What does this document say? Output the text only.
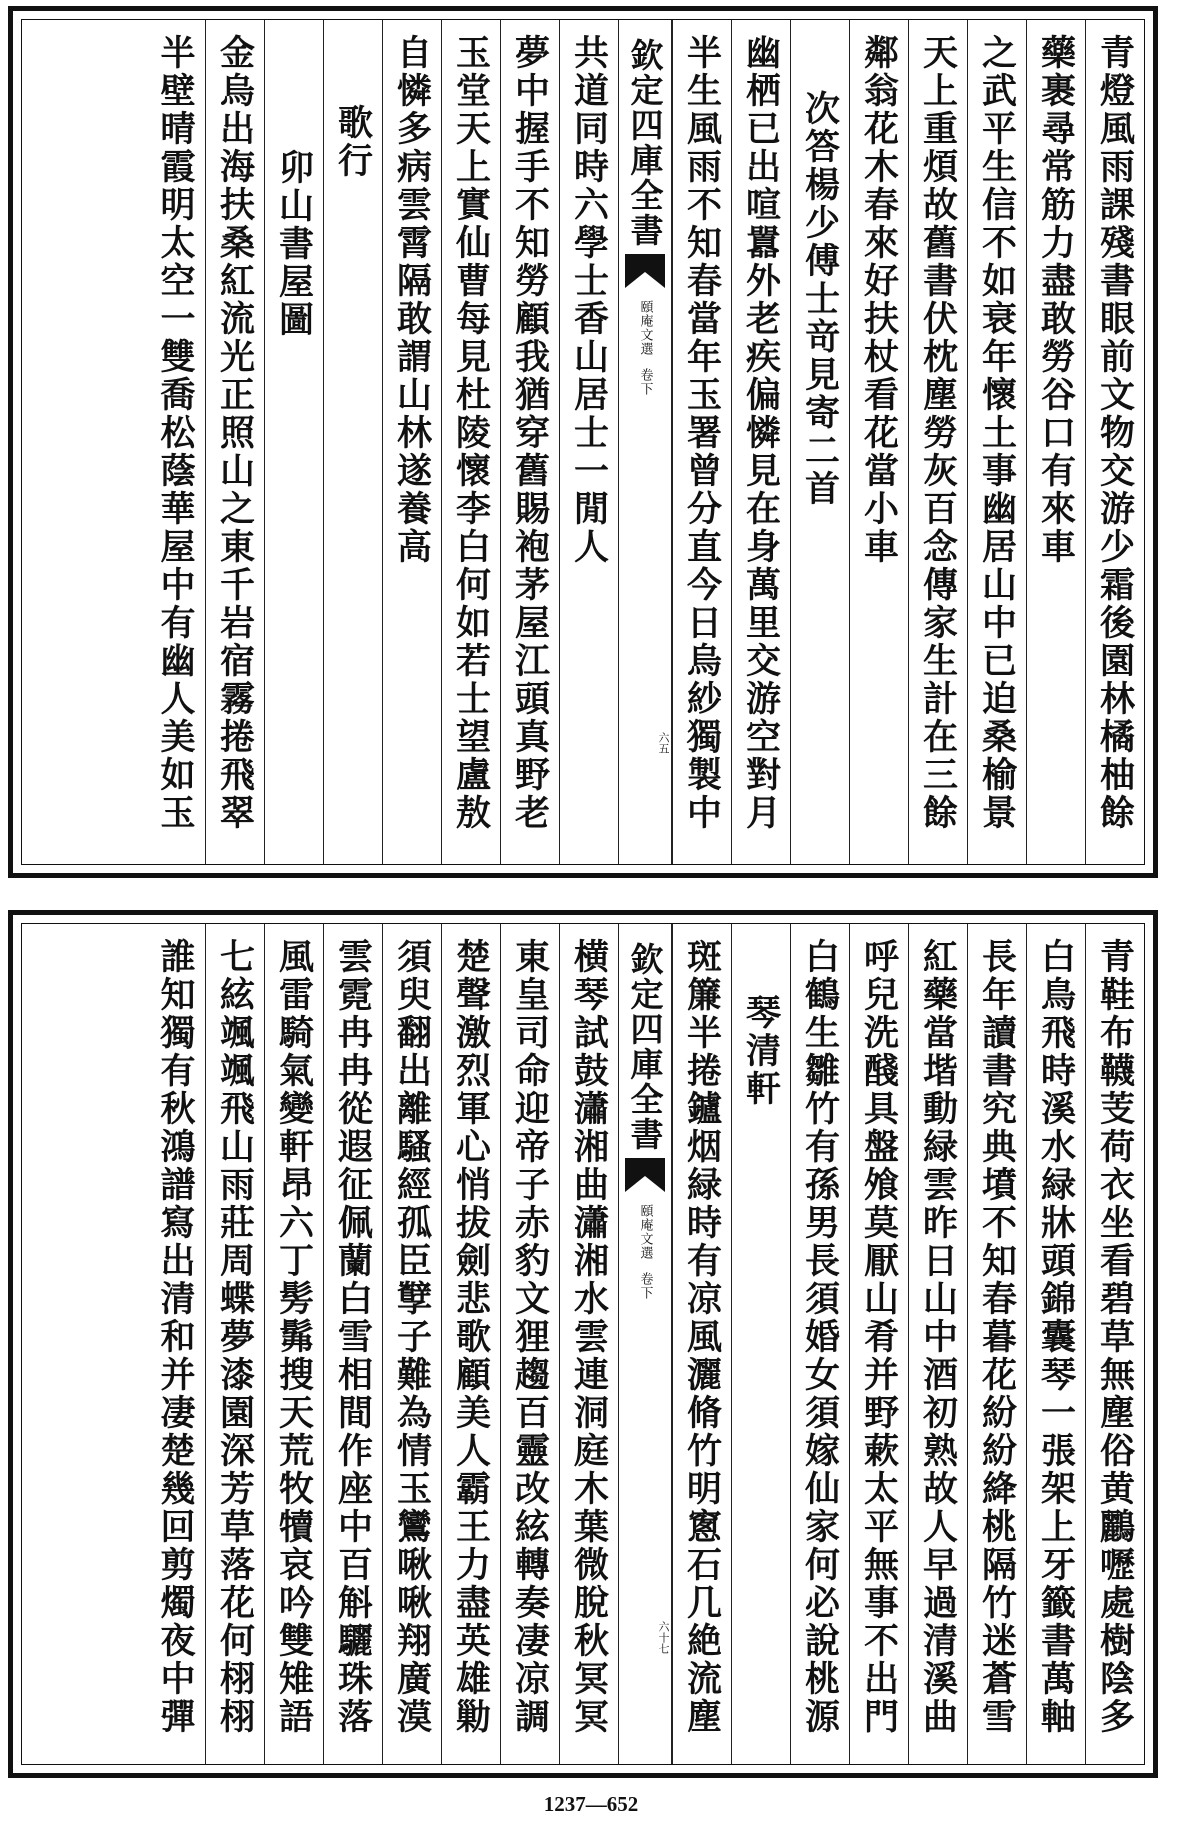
青燈風雨課殘書眼前文物交游少霜後園林橘柚餘
藥裹尋常筋力盡敢勞谷口有來車
之武平生信不如衰年懷土事幽居山中已迫桑榆景
天上重煩故舊書伏枕塵勞灰百念傳家生計在三餘
鄰翁花木春來好扶杖看花當小車
次答楊少傅士竒見寄二首
幽栖已出喧囂外老疾偏憐見在身萬里交游空對月
半生風雨不知春當年玉署曾分直今日烏紗獨製中
欽定四庫全書
頤庵文選
卷下
六五
共道同時六學士香山居士一閒人
夢中握手不知勞顧我猶穿舊賜袍茅屋江頭真野老
玉堂天上實仙曹每見杜陵懷李白何如若士望盧敖
自憐多病雲霄隔敢謂山林遂養高
歌行
卯山書屋圖
金烏出海扶桑紅流光正照山之東千岩宿霧捲飛翠
半壁晴霞明太空一雙喬松蔭華屋中有幽人美如玉
青鞋布韈芰荷衣坐看碧草無塵俗黄鸝嚦處樹陰多
白鳥飛時溪水緑牀頭錦囊琴一張架上牙籤書萬軸
長年讀書究典墳不知春暮花紛紛絳桃隔竹迷蒼雪
紅藥當堦動緑雲昨日山中酒初熟故人早過清溪曲
呼兒洗醆具盤飧莫厭山肴并野蔌太平無事不出門
白鶴生雛竹有孫男長須婚女須嫁仙家何必說桃源
琴清軒
斑簾半捲鑪烟緑時有凉風灑脩竹明窻石几絶流塵
欽定四庫全書
頤庵文選
卷下
六十七
横琴試鼓瀟湘曲瀟湘水雲連洞庭木葉微脫秋冥冥
東皇司命迎帝子赤豹文狸趨百靈改絃轉奏凄凉調
楚聲激烈軍心悄拔劍悲歌顧美人霸王力盡英雄勦
須臾翻出離騷經孤臣孼子難為情玉鸞啾啾翔廣漠
雲霓冉冉從遐征佩蘭白雪相間作座中百斛驪珠落
風雷騎氣變軒昂六丁髣髴搜天荒牧犢哀吟雙雉語
七絃颯颯飛山雨莊周蝶夢漆園深芳草落花何栩栩
誰知獨有秋鴻譜寫出清和并凄楚幾回剪燭夜中彈
1237—652
